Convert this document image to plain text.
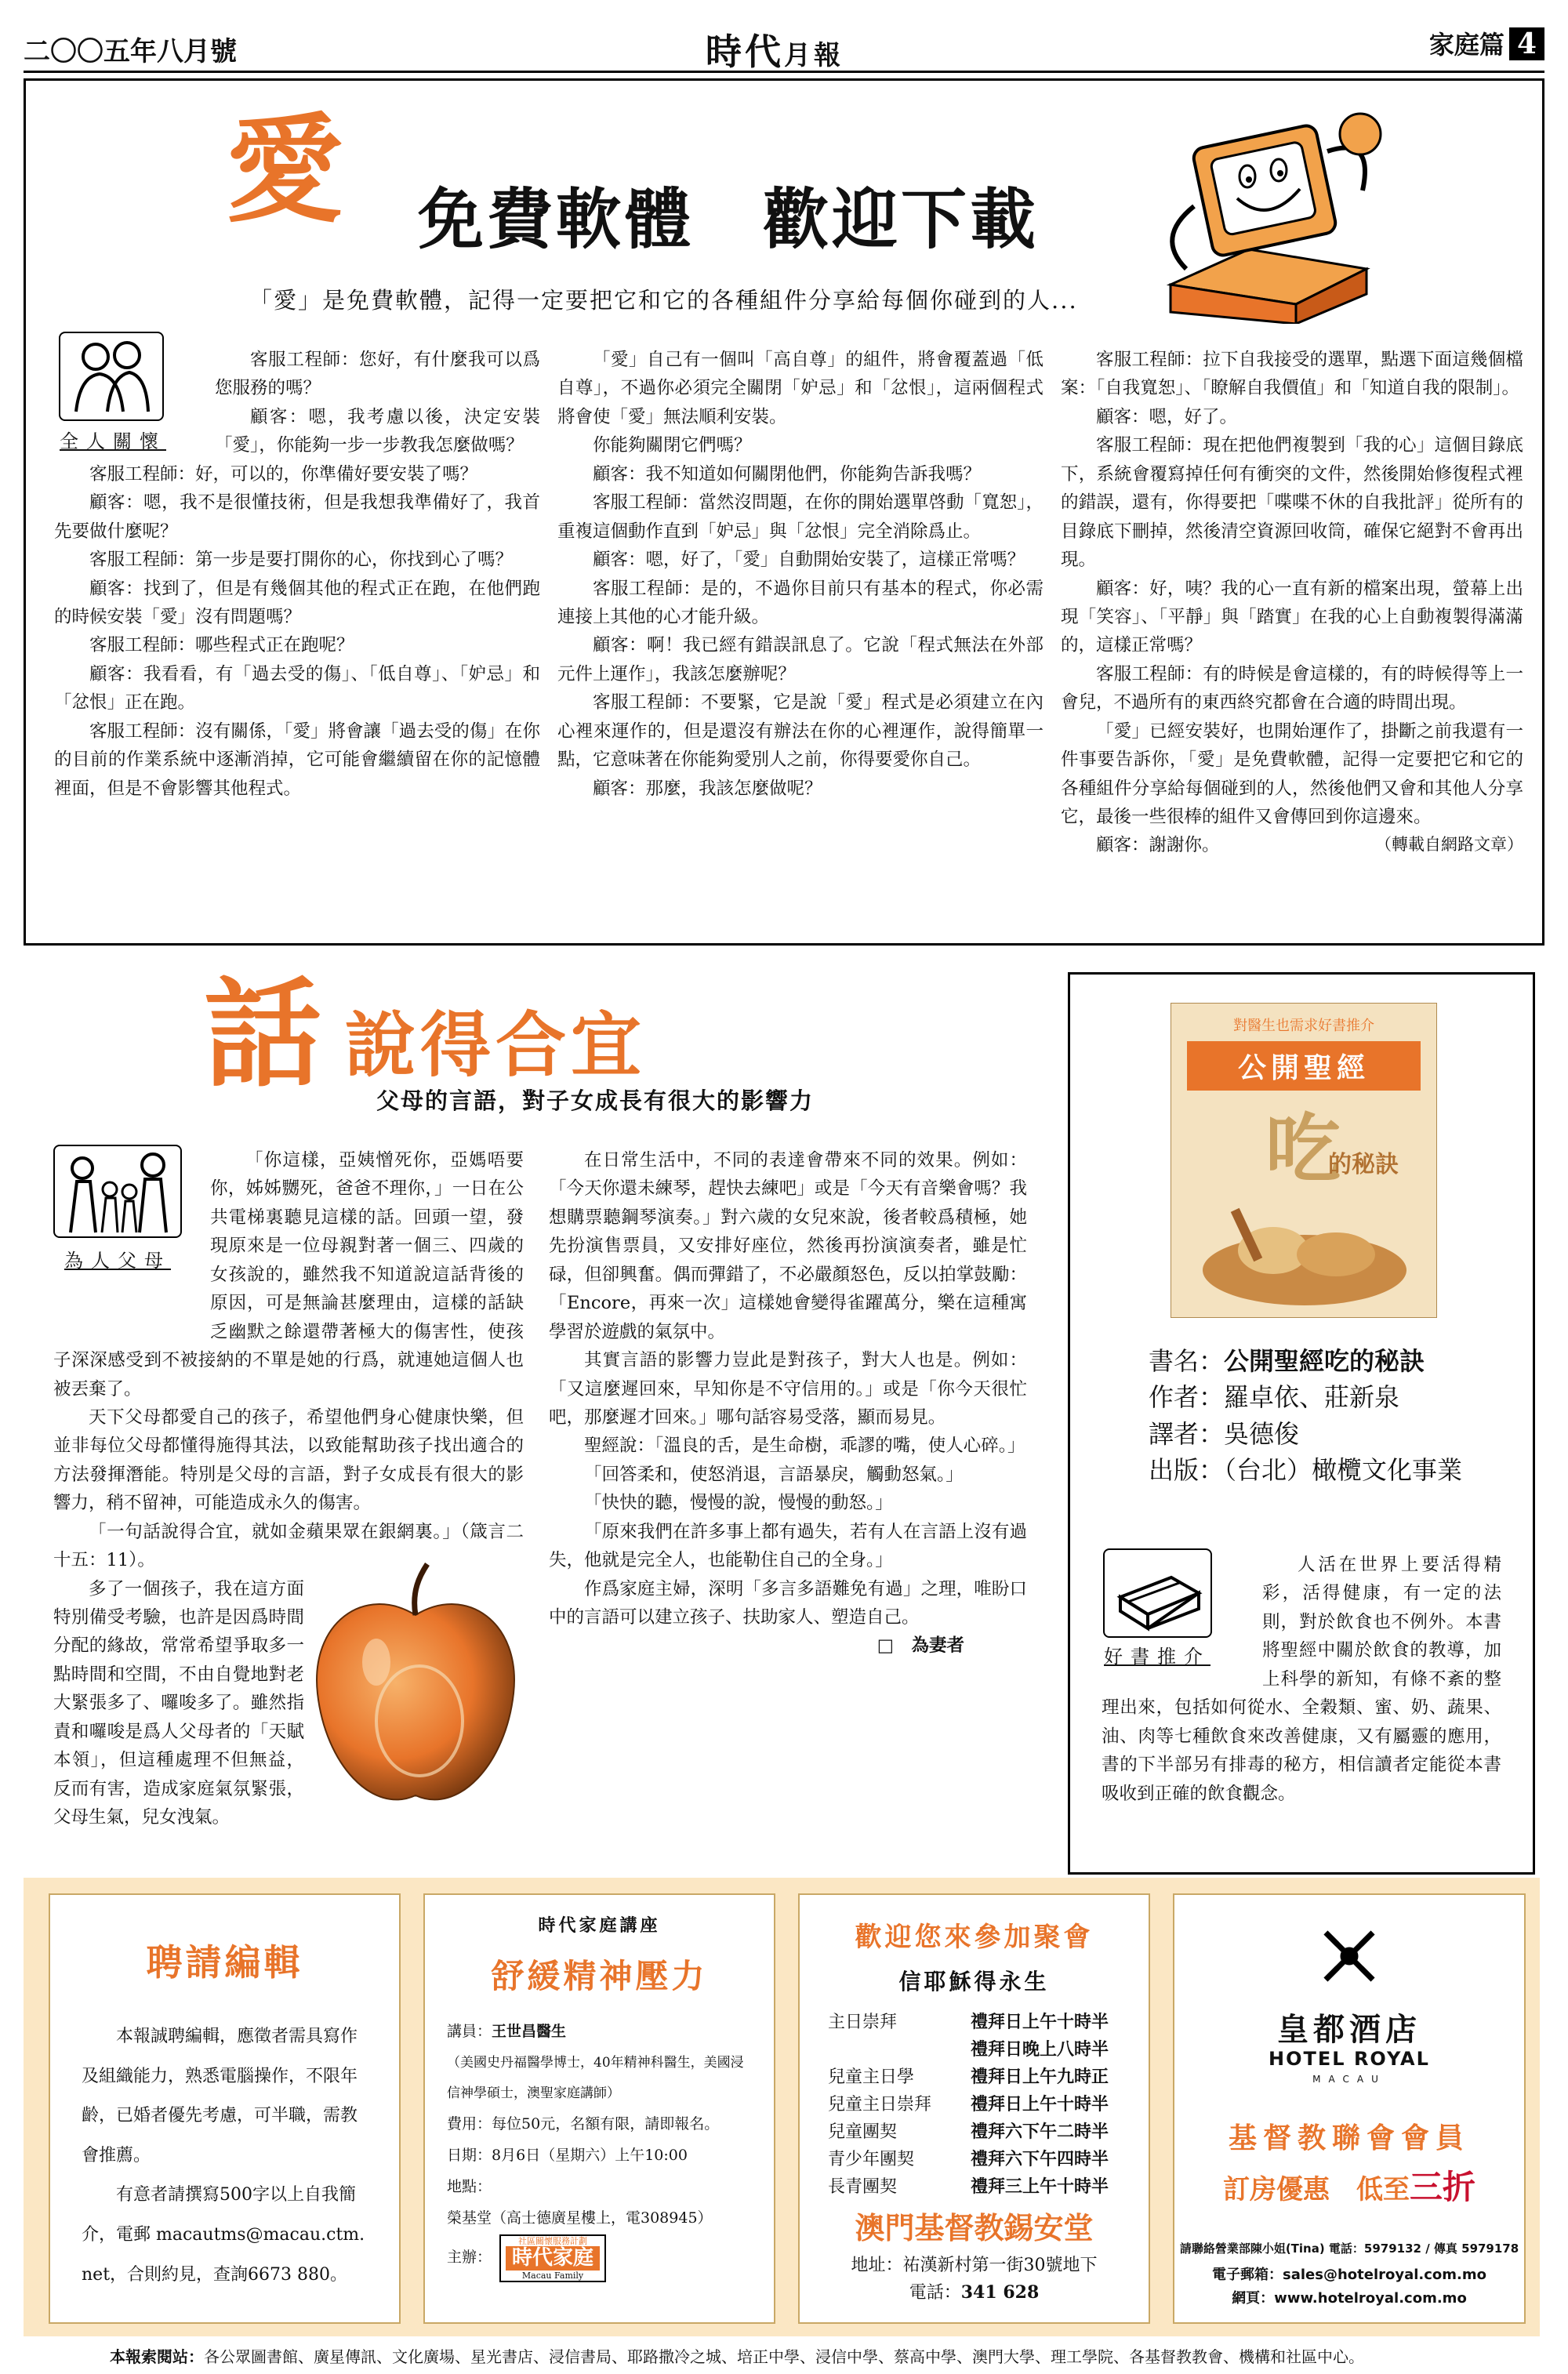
二〇〇五年八月號	時代月報	家庭篇 4
愛 免費軟體　歡迎下載
「愛」是免費軟體，記得一定要把它和它的各種組件分享給每個你碰到的人...
全人關懷

客服工程師：您好，有什麼我可以爲您服務的嗎？

顧客：嗯，我考慮以後，決定安裝「愛」，你能夠一步一步教我怎麼做嗎？

客服工程師：好，可以的，你準備好要安裝了嗎？

顧客：嗯，我不是很懂技術，但是我想我準備好了，我首先要做什麼呢？

客服工程師：第一步是要打開你的心，你找到心了嗎？

顧客：找到了，但是有幾個其他的程式正在跑，在他們跑的時候安裝「愛」沒有問題嗎？

客服工程師：哪些程式正在跑呢？

顧客：我看看，有「過去受的傷」、「低自尊」、「妒忌」和「忿恨」正在跑。

客服工程師：沒有關係，「愛」將會讓「過去受的傷」在你的目前的作業系統中逐漸消掉，它可能會繼續留在你的記憶體裡面，但是不會影響其他程式。

「愛」自己有一個叫「高自尊」的組件，將會覆蓋過「低自尊」，不過你必須完全關閉「妒忌」和「忿恨」，這兩個程式將會使「愛」無法順利安裝。

你能夠關閉它們嗎？

顧客：我不知道如何關閉他們，你能夠告訴我嗎？

客服工程師：當然沒問題，在你的開始選單啓動「寬恕」，重複這個動作直到「妒忌」與「忿恨」完全消除爲止。

顧客：嗯，好了，「愛」自動開始安裝了，這樣正常嗎？

客服工程師：是的，不過你目前只有基本的程式，你必需連接上其他的心才能升級。

顧客：啊！我已經有錯誤訊息了。它說「程式無法在外部元件上運作」，我該怎麼辦呢？

客服工程師：不要緊，它是說「愛」程式是必須建立在內心裡來運作的，但是還沒有辦法在你的心裡運作，說得簡單一點，它意味著在你能夠愛別人之前，你得要愛你自己。

顧客：那麼，我該怎麼做呢？

客服工程師：拉下自我接受的選單，點選下面這幾個檔案：「自我寬恕」、「瞭解自我價值」和「知道自我的限制」。

顧客：嗯，好了。

客服工程師：現在把他們複製到「我的心」這個目錄底下，系統會覆寫掉任何有衝突的文件，然後開始修復程式裡的錯誤，還有，你得要把「喋喋不休的自我批評」從所有的目錄底下刪掉，然後清空資源回收筒，確保它絕對不會再出現。

顧客：好，咦？我的心一直有新的檔案出現，螢幕上出現「笑容」、「平靜」與「踏實」在我的心上自動複製得滿滿的，這樣正常嗎？

客服工程師：有的時候是會這樣的，有的時候得等上一會兒，不過所有的東西終究都會在合適的時間出現。

「愛」已經安裝好，也開始運作了，掛斷之前我還有一件事要告訴你，「愛」是免費軟體，記得一定要把它和它的各種組件分享給每個碰到的人，然後他們又會和其他人分享它，最後一些很棒的組件又會傳回到你這邊來。

顧客：謝謝你。	（轉載自網路文章）

話 說得合宜
父母的言語，對子女成長有很大的影響力
為人父母

「你這樣，亞姨憎死你，亞媽唔要你，姊姊嬲死，爸爸不理你，」一日在公共電梯裏聽見這樣的話。回頭一望，發現原來是一位母親對著一個三、四歲的女孩說的，雖然我不知道說這話背後的原因，可是無論甚麼理由，這樣的話缺乏幽默之餘還帶著極大的傷害性，使孩子深深感受到不被接納的不單是她的行爲，就連她這個人也被丟棄了。

天下父母都愛自己的孩子，希望他們身心健康快樂，但並非每位父母都懂得施得其法，以致能幫助孩子找出適合的方法發揮潛能。特別是父母的言語，對子女成長有很大的影響力，稍不留神，可能造成永久的傷害。

「一句話說得合宜，就如金蘋果眾在銀網裏。」（箴言二十五：11）。

多了一個孩子，我在這方面特別備受考驗，也許是因爲時間分配的緣故，常常希望爭取多一點時間和空間，不由自覺地對老大緊張多了、囉唆多了。雖然指責和囉唆是爲人父母者的「天賦本領」，但這種處理不但無益，反而有害，造成家庭氣氛緊張，父母生氣，兒女洩氣。

在日常生活中，不同的表達會帶來不同的效果。例如：「今天你還未練琴，趕快去練吧」或是「今天有音樂會嗎？我想購票聽鋼琴演奏。」對六歲的女兒來說，後者較爲積極，她先扮演售票員，又安排好座位，然後再扮演演奏者，雖是忙碌，但卻興奮。偶而彈錯了，不必嚴顏怒色，反以拍掌鼓勵：「Encore，再來一次」這樣她會變得雀躍萬分，樂在這種寓學習於遊戲的氣氛中。

其實言語的影響力豈此是對孩子，對大人也是。例如：「又這麼遲回來，早知你是不守信用的。」或是「你今天很忙吧，那麼遲才回來。」哪句話容易受落，顯而易見。

聖經說：「溫良的舌，是生命樹，乖謬的嘴，使人心碎。」

「回答柔和，使怒消退，言語暴戾，觸動怒氣。」

「快快的聽，慢慢的說，慢慢的動怒。」

「原來我們在許多事上都有過失，若有人在言語上沒有過失，他就是完全人，也能勒住自己的全身。」

作爲家庭主婦，深明「多言多語難免有過」之理，唯盼口中的言語可以建立孩子、扶助家人、塑造自己。

□　為妻者

對醫生也需求好書推介
公開聖經
吃
的秘訣
書名：公開聖經吃的秘訣
作者：羅卓依、莊新泉
譯者：吳德俊
出版：（台北）橄欖文化事業
好書推介

人活在世界上要活得精彩，活得健康，有一定的法則，對於飲食也不例外。本書將聖經中關於飲食的教導，加上科學的新知，有條不紊的整理出來，包括如何從水、全穀類、蜜、奶、蔬果、油、肉等七種飲食來改善健康，又有屬靈的應用，書的下半部另有排毒的秘方，相信讀者定能從本書吸收到正確的飲食觀念。

聘請編輯

本報誠聘編輯，應徵者需具寫作及組織能力，熟悉電腦操作，不限年齡，已婚者優先考慮，可半職，需教會推薦。

有意者請撰寫500字以上自我簡介，電郵 macautms@macau.ctm.net，合則約見，查詢6673 880。

時代家庭講座
舒緩精神壓力
講員：王世昌醫生
（美國史丹福醫學博士，40年精神科醫生，美國浸信神學碩士，澳聖家庭講師）
費用：每位50元，名額有限，請即報名。
日期：8月6日（星期六）上午10:00
地點：榮基堂（高士德廣星樓上，電308945）
主辦：
社區關懷服務計劃
時代家庭
Macau Family
歡迎您來參加聚會
信耶穌得永生
主日崇拜	禮拜日上午十時半
	禮拜日晚上八時半
兒童主日學	禮拜日上午九時正
兒童主日崇拜	禮拜日上午十時半
兒童團契	禮拜六下午二時半
青少年團契	禮拜六下午四時半
長青團契	禮拜三上午十時半
澳門基督教錫安堂
地址：祐漢新村第一街30號地下
電話：341 628
皇都酒店
HOTEL ROYAL
MACAU
基督教聯會會員
訂房優惠　低至三折
請聯絡營業部陳小姐(Tina) 電話：5979132 / 傳真 5979178
電子郵箱：sales@hotelroyal.com.mo
網頁：www.hotelroyal.com.mo
本報索閱站：各公眾圖書館、廣星傳訊、文化廣場、星光書店、浸信書局、耶路撒冷之城、培正中學、浸信中學、蔡高中學、澳門大學、理工學院、各基督教教會、機構和社區中心。
